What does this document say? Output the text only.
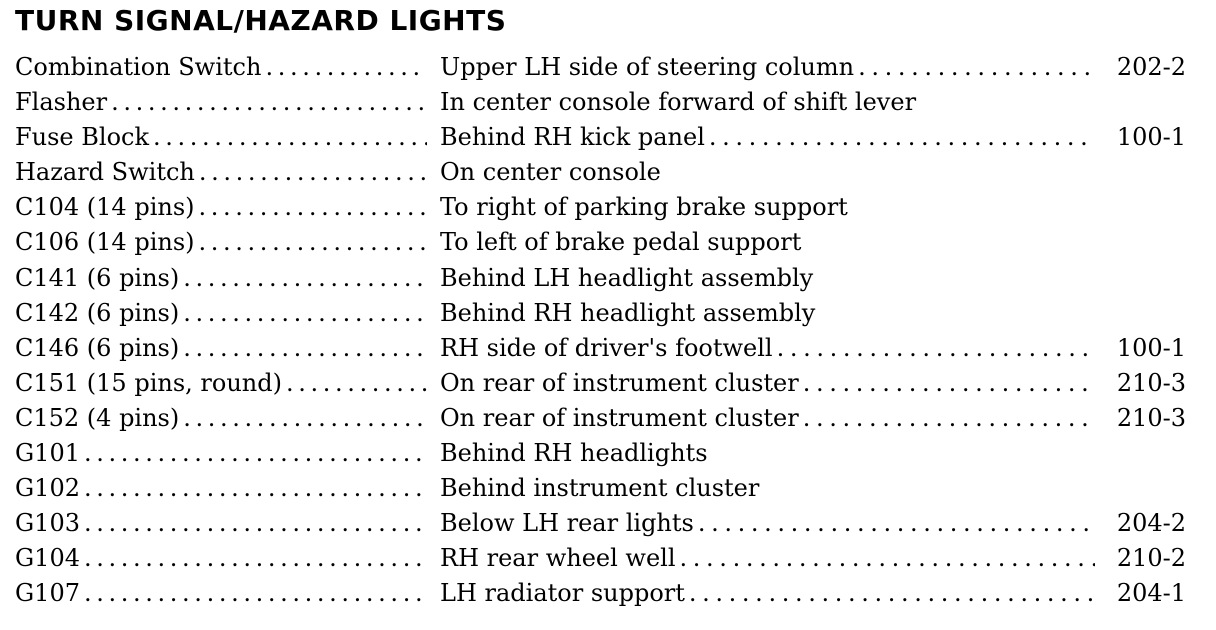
TURN SIGNAL/HAZARD LIGHTS
Combination Switch . . .	Upper LH side of steering column . . .	202-2
Flasher . . .	In center console forward of shift lever
Fuse Block . . .	Behind RH kick panel . . .	100-1
Hazard Switch . . .	On center console
C104 (14 pins) . . .	To right of parking brake support
C106 (14 pins) . . .	To left of brake pedal support
C141 (6 pins) . . .	Behind LH headlight assembly
C142 (6 pins) . . .	Behind RH headlight assembly
C146 (6 pins) . . .	RH side of driver's footwell . . .	100-1
C151 (15 pins, round) . . .	On rear of instrument cluster . . .	210-3
C152 (4 pins) . . .	On rear of instrument cluster . . .	210-3
G101 . . .	Behind RH headlights
G102 . . .	Behind instrument cluster
G103 . . .	Below LH rear lights . . .	204-2
G104 . . .	RH rear wheel well . . .	210-2
G107 . . .	LH radiator support . . .	204-1
